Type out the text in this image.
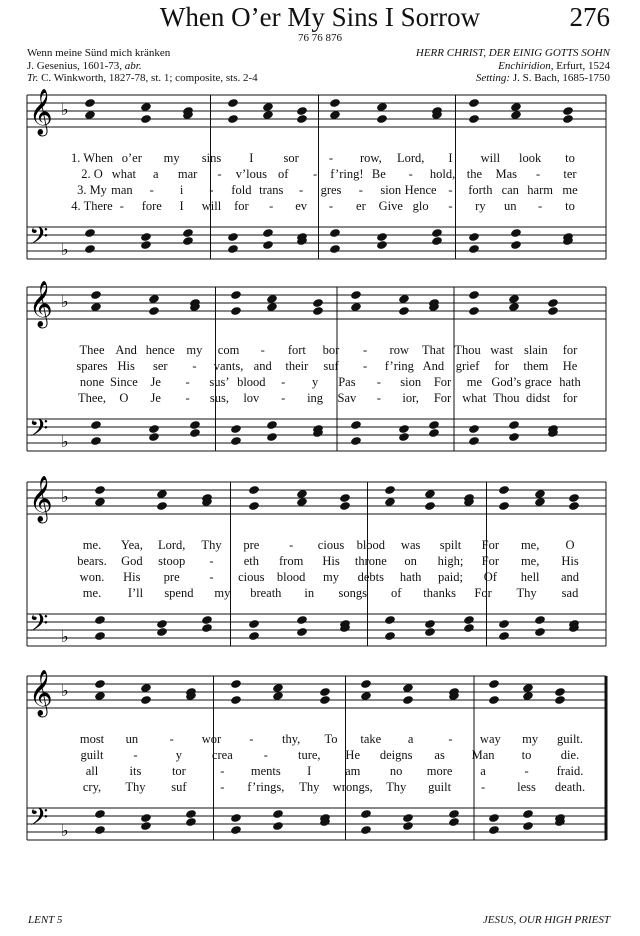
When O’er My Sins I Sorrow	276
76 76 876
Wenn meine Sünd mich kränken
J. Gesenius, 1601-73, abr.
Tr. C. Winkworth, 1827-78, st. 1; composite, sts. 2-4
HERR CHRIST, DER EINIG GOTTS SOHN
Enchiridion, Erfurt, 1524
Setting: J. S. Bach, 1685-1750
𝄞 ♭
𝄢 ♭
1. When o’er my sins I sor - row, Lord, I will look to
2. O what a mar - v’lous of - f’ring! Be - hold, the Mas - ter
3. My man - i - fold trans - gres - sion Hence - forth can harm me
4. There - fore I will for - ev - er Give glo - ry un - to
𝄞 ♭
𝄢 ♭
Thee And hence my com - fort bor - row That Thou wast slain for
spares His ser - vants, and their suf - f’ring And grief for them He
none Since Je - sus’ blood - y Pas - sion For me God’s grace hath
Thee, O Je - sus, lov - ing Sav - ior, For what Thou didst for
𝄞 ♭
𝄢 ♭
me. Yea, Lord, Thy pre - cious blood was spilt For me, O
bears. God stoop - eth from His throne on high; For me, His
won. His pre - cious blood my debts hath paid; Of hell and
me. I’ll spend my breath in songs of thanks For Thy sad
𝄞 ♭
𝄢 ♭
most un	- wor - thy, To take a	- way my guilt.
guilt -	y crea - ture, He deigns as Man to die.
all	its tor	- ments I	am no more a	- fraid.
cry, Thy suf	- f’rings, Thy wrongs, Thy guilt -	less death.
LENT 5	JESUS, OUR HIGH PRIEST
